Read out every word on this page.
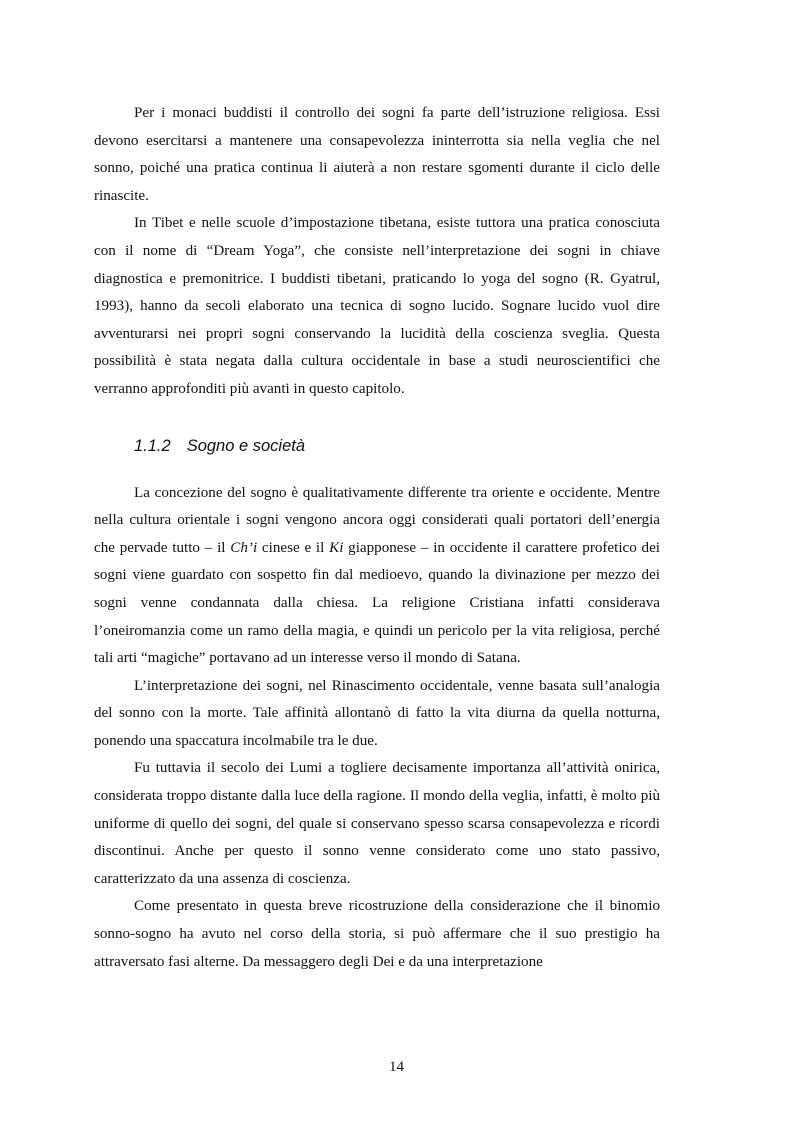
Per i monaci buddisti il controllo dei sogni fa parte dell’istruzione religiosa. Essi devono esercitarsi a mantenere una consapevolezza ininterrotta sia nella veglia che nel sonno, poiché una pratica continua li aiuterà a non restare sgomenti durante il ciclo delle rinascite.

In Tibet e nelle scuole d’impostazione tibetana, esiste tuttora una pratica conosciuta con il nome di “Dream Yoga”, che consiste nell’interpretazione dei sogni in chiave diagnostica e premonitrice. I buddisti tibetani, praticando lo yoga del sogno (R. Gyatrul, 1993), hanno da secoli elaborato una tecnica di sogno lucido. Sognare lucido vuol dire avventurarsi nei propri sogni conservando la lucidità della coscienza sveglia. Questa possibilità è stata negata dalla cultura occidentale in base a studi neuroscientifici che verranno approfonditi più avanti in questo capitolo.

1.1.2 Sogno e società

La concezione del sogno è qualitativamente differente tra oriente e occidente. Mentre nella cultura orientale i sogni vengono ancora oggi considerati quali portatori dell’energia che pervade tutto – il Ch’i cinese e il Ki giapponese – in occidente il carattere profetico dei sogni viene guardato con sospetto fin dal medioevo, quando la divinazione per mezzo dei sogni venne condannata dalla chiesa. La religione Cristiana infatti considerava l’oneiromanzia come un ramo della magia, e quindi un pericolo per la vita religiosa, perché tali arti “magiche” portavano ad un interesse verso il mondo di Satana.

L’interpretazione dei sogni, nel Rinascimento occidentale, venne basata sull’analogia del sonno con la morte. Tale affinità allontanò di fatto la vita diurna da quella notturna, ponendo una spaccatura incolmabile tra le due.

Fu tuttavia il secolo dei Lumi a togliere decisamente importanza all’attività onirica, considerata troppo distante dalla luce della ragione. Il mondo della veglia, infatti, è molto più uniforme di quello dei sogni, del quale si conservano spesso scarsa consapevolezza e ricordi discontinui. Anche per questo il sonno venne considerato come uno stato passivo, caratterizzato da una assenza di coscienza.

Come presentato in questa breve ricostruzione della considerazione che il binomio sonno-sogno ha avuto nel corso della storia, si può affermare che il suo prestigio ha attraversato fasi alterne. Da messaggero degli Dei e da una interpretazione

14
